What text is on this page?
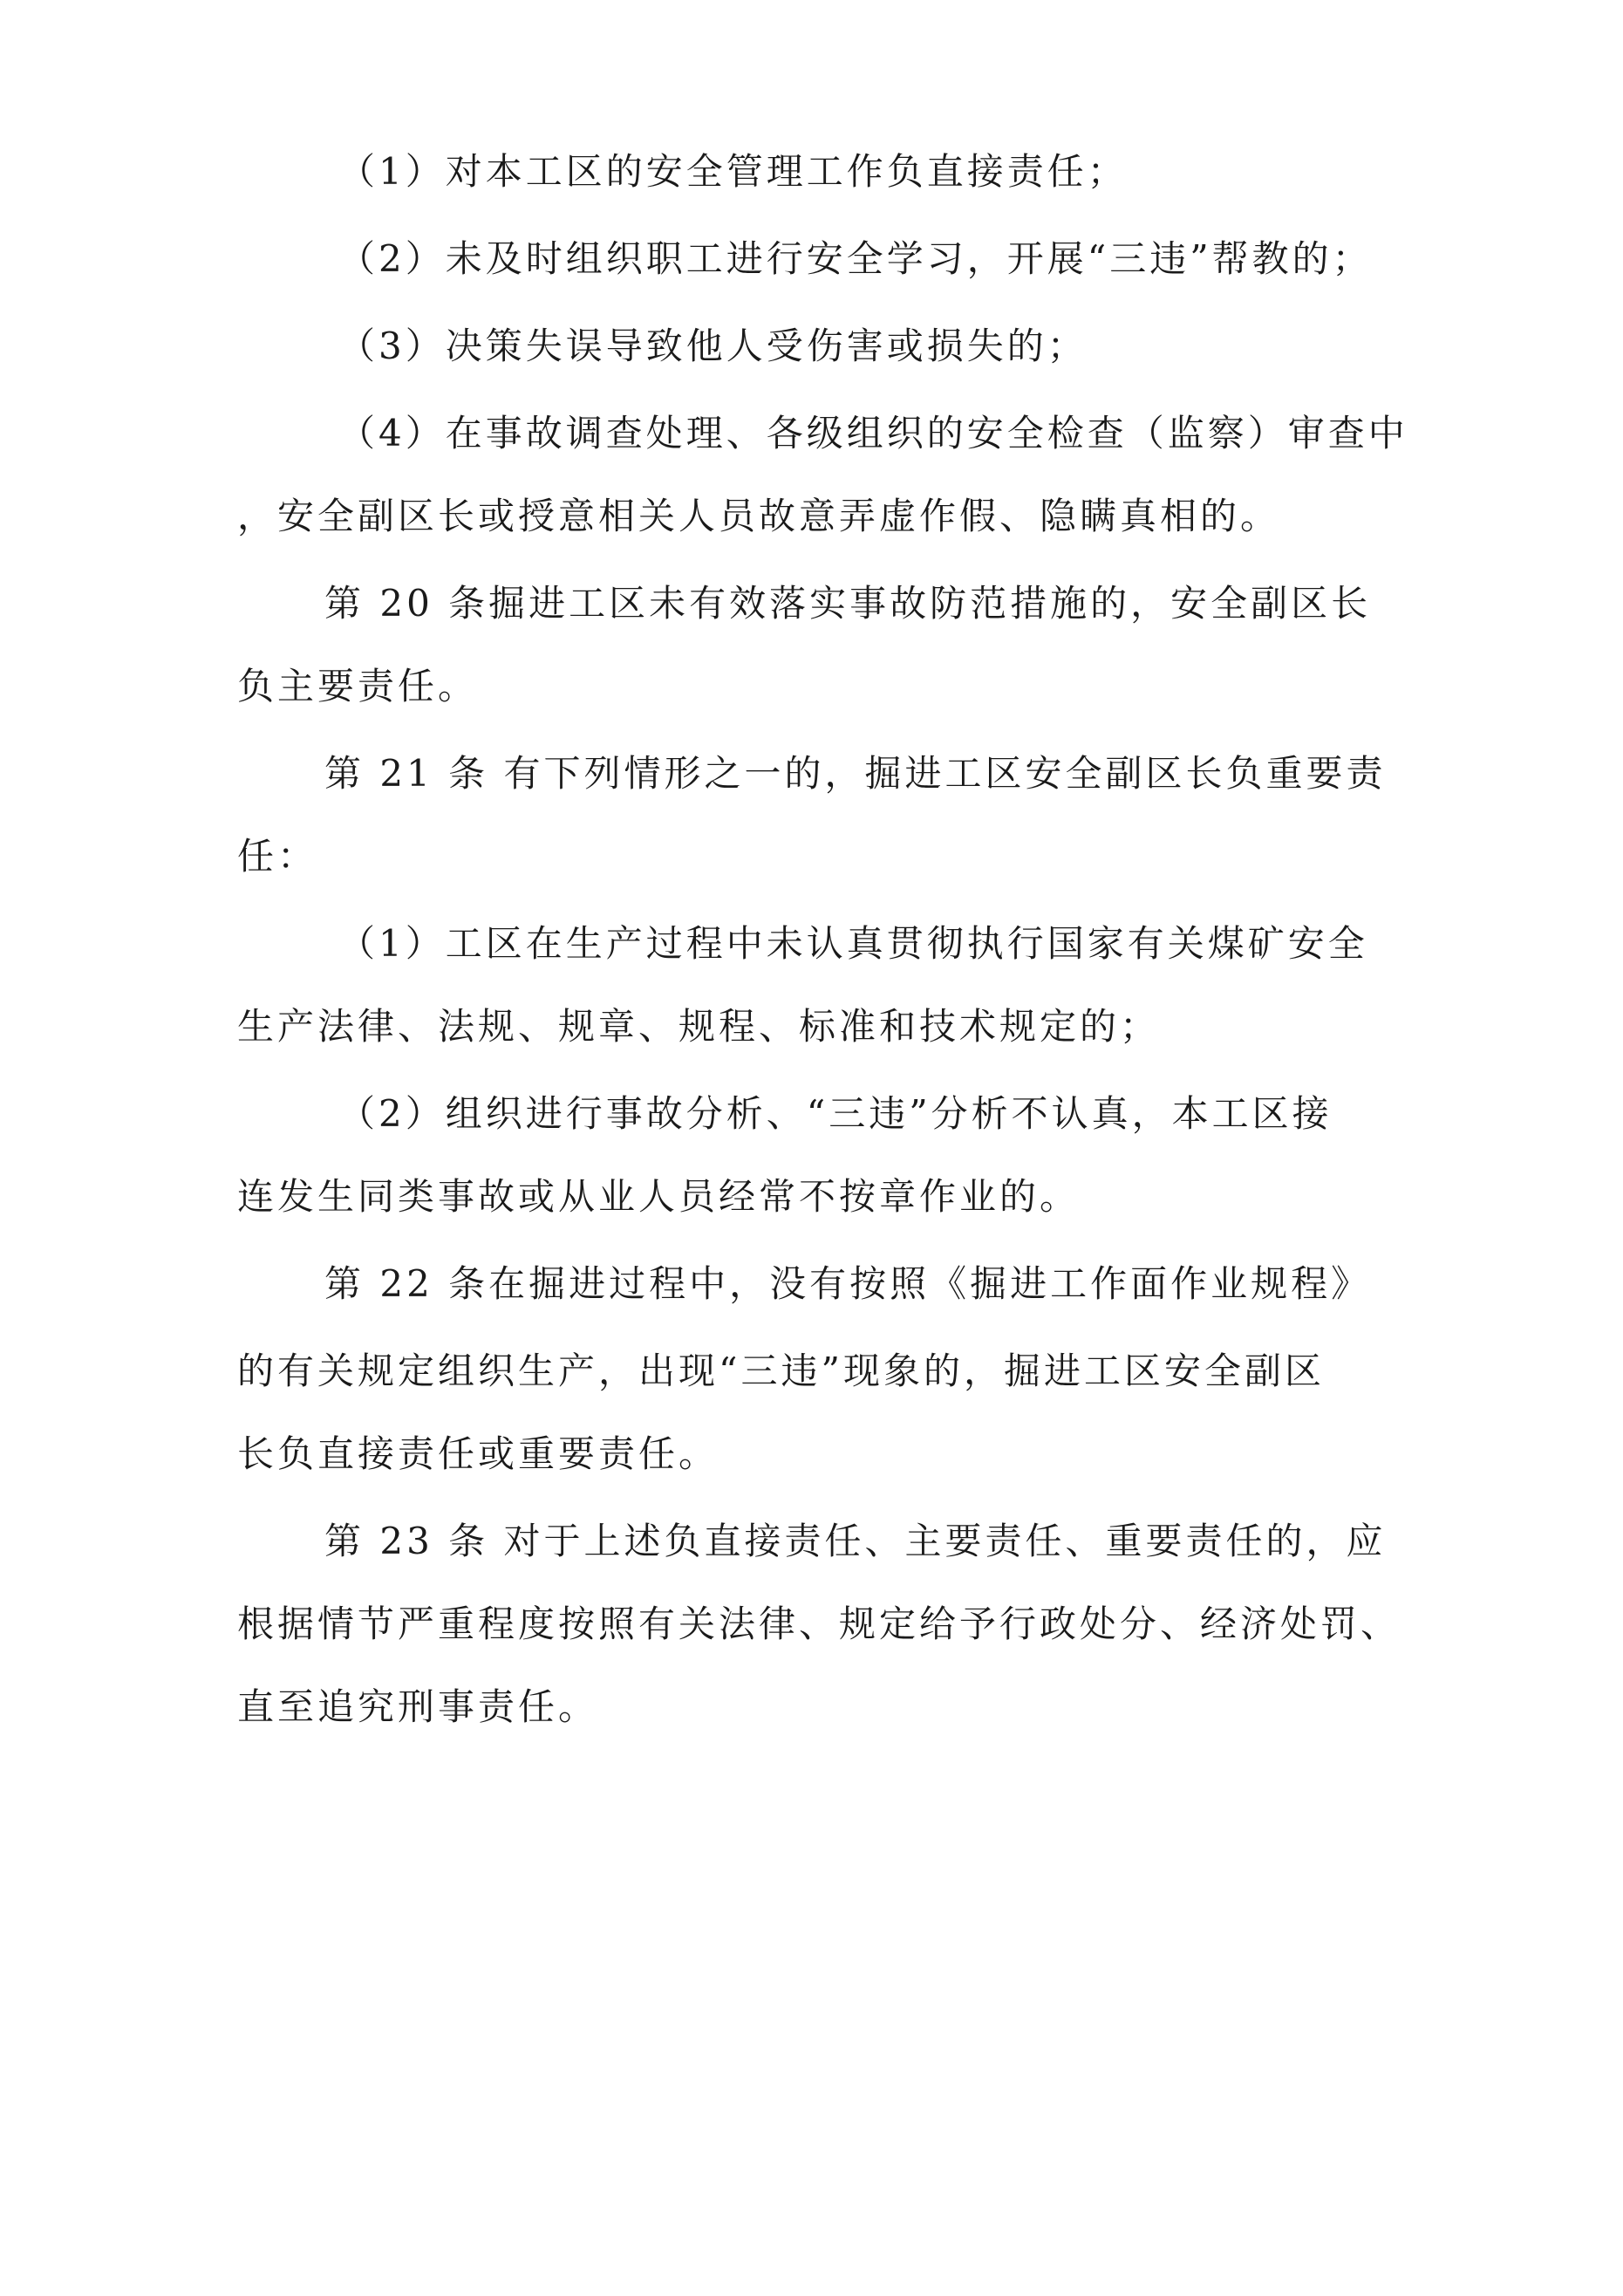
（1）对本工区的安全管理工作负直接责任；
（2）未及时组织职工进行安全学习，开展“三违”帮教的；
（3）决策失误导致他人受伤害或损失的；
（4）在事故调查处理、各级组织的安全检查（监察）审查中
，安全副区长或授意相关人员故意弄虚作假、隐瞒真相的。
第 20 条掘进工区未有效落实事故防范措施的，安全副区长
负主要责任。
第 21 条 有下列情形之一的，掘进工区安全副区长负重要责
任：
（1）工区在生产过程中未认真贯彻执行国家有关煤矿安全
生产法律、法规、规章、规程、标准和技术规定的；
（2）组织进行事故分析、“三违”分析不认真，本工区接
连发生同类事故或从业人员经常不按章作业的。
第 22 条在掘进过程中，没有按照《掘进工作面作业规程》
的有关规定组织生产，出现“三违”现象的，掘进工区安全副区
长负直接责任或重要责任。
第 23 条 对于上述负直接责任、主要责任、重要责任的，应
根据情节严重程度按照有关法律、规定给予行政处分、经济处罚、
直至追究刑事责任。
